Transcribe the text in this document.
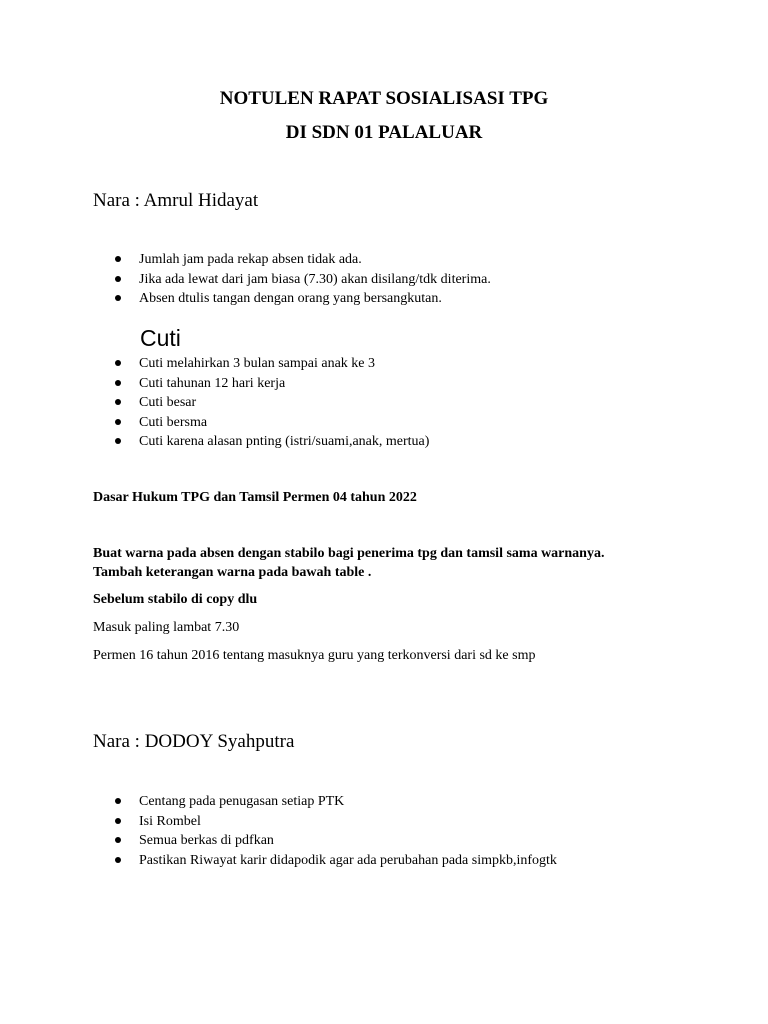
NOTULEN RAPAT SOSIALISASI TPG
DI SDN 01 PALALUAR
Nara : Amrul Hidayat
Jumlah jam pada rekap absen tidak ada.
Jika ada lewat dari jam biasa (7.30) akan disilang/tdk diterima.
Absen dtulis tangan dengan orang yang bersangkutan.
Cuti
Cuti melahirkan 3 bulan sampai anak ke 3
Cuti tahunan 12 hari kerja
Cuti besar
Cuti bersma
Cuti karena alasan pnting (istri/suami,anak, mertua)
Dasar Hukum TPG dan Tamsil Permen 04 tahun 2022
Buat warna pada absen dengan stabilo bagi penerima tpg dan tamsil sama warnanya.
Tambah keterangan warna pada bawah table .
Sebelum stabilo di copy dlu
Masuk paling lambat 7.30
Permen 16 tahun 2016 tentang masuknya guru yang terkonversi dari sd ke smp
Nara : DODOY Syahputra
Centang pada penugasan setiap PTK
Isi Rombel
Semua berkas di pdfkan
Pastikan Riwayat karir didapodik agar ada perubahan pada simpkb,infogtk
